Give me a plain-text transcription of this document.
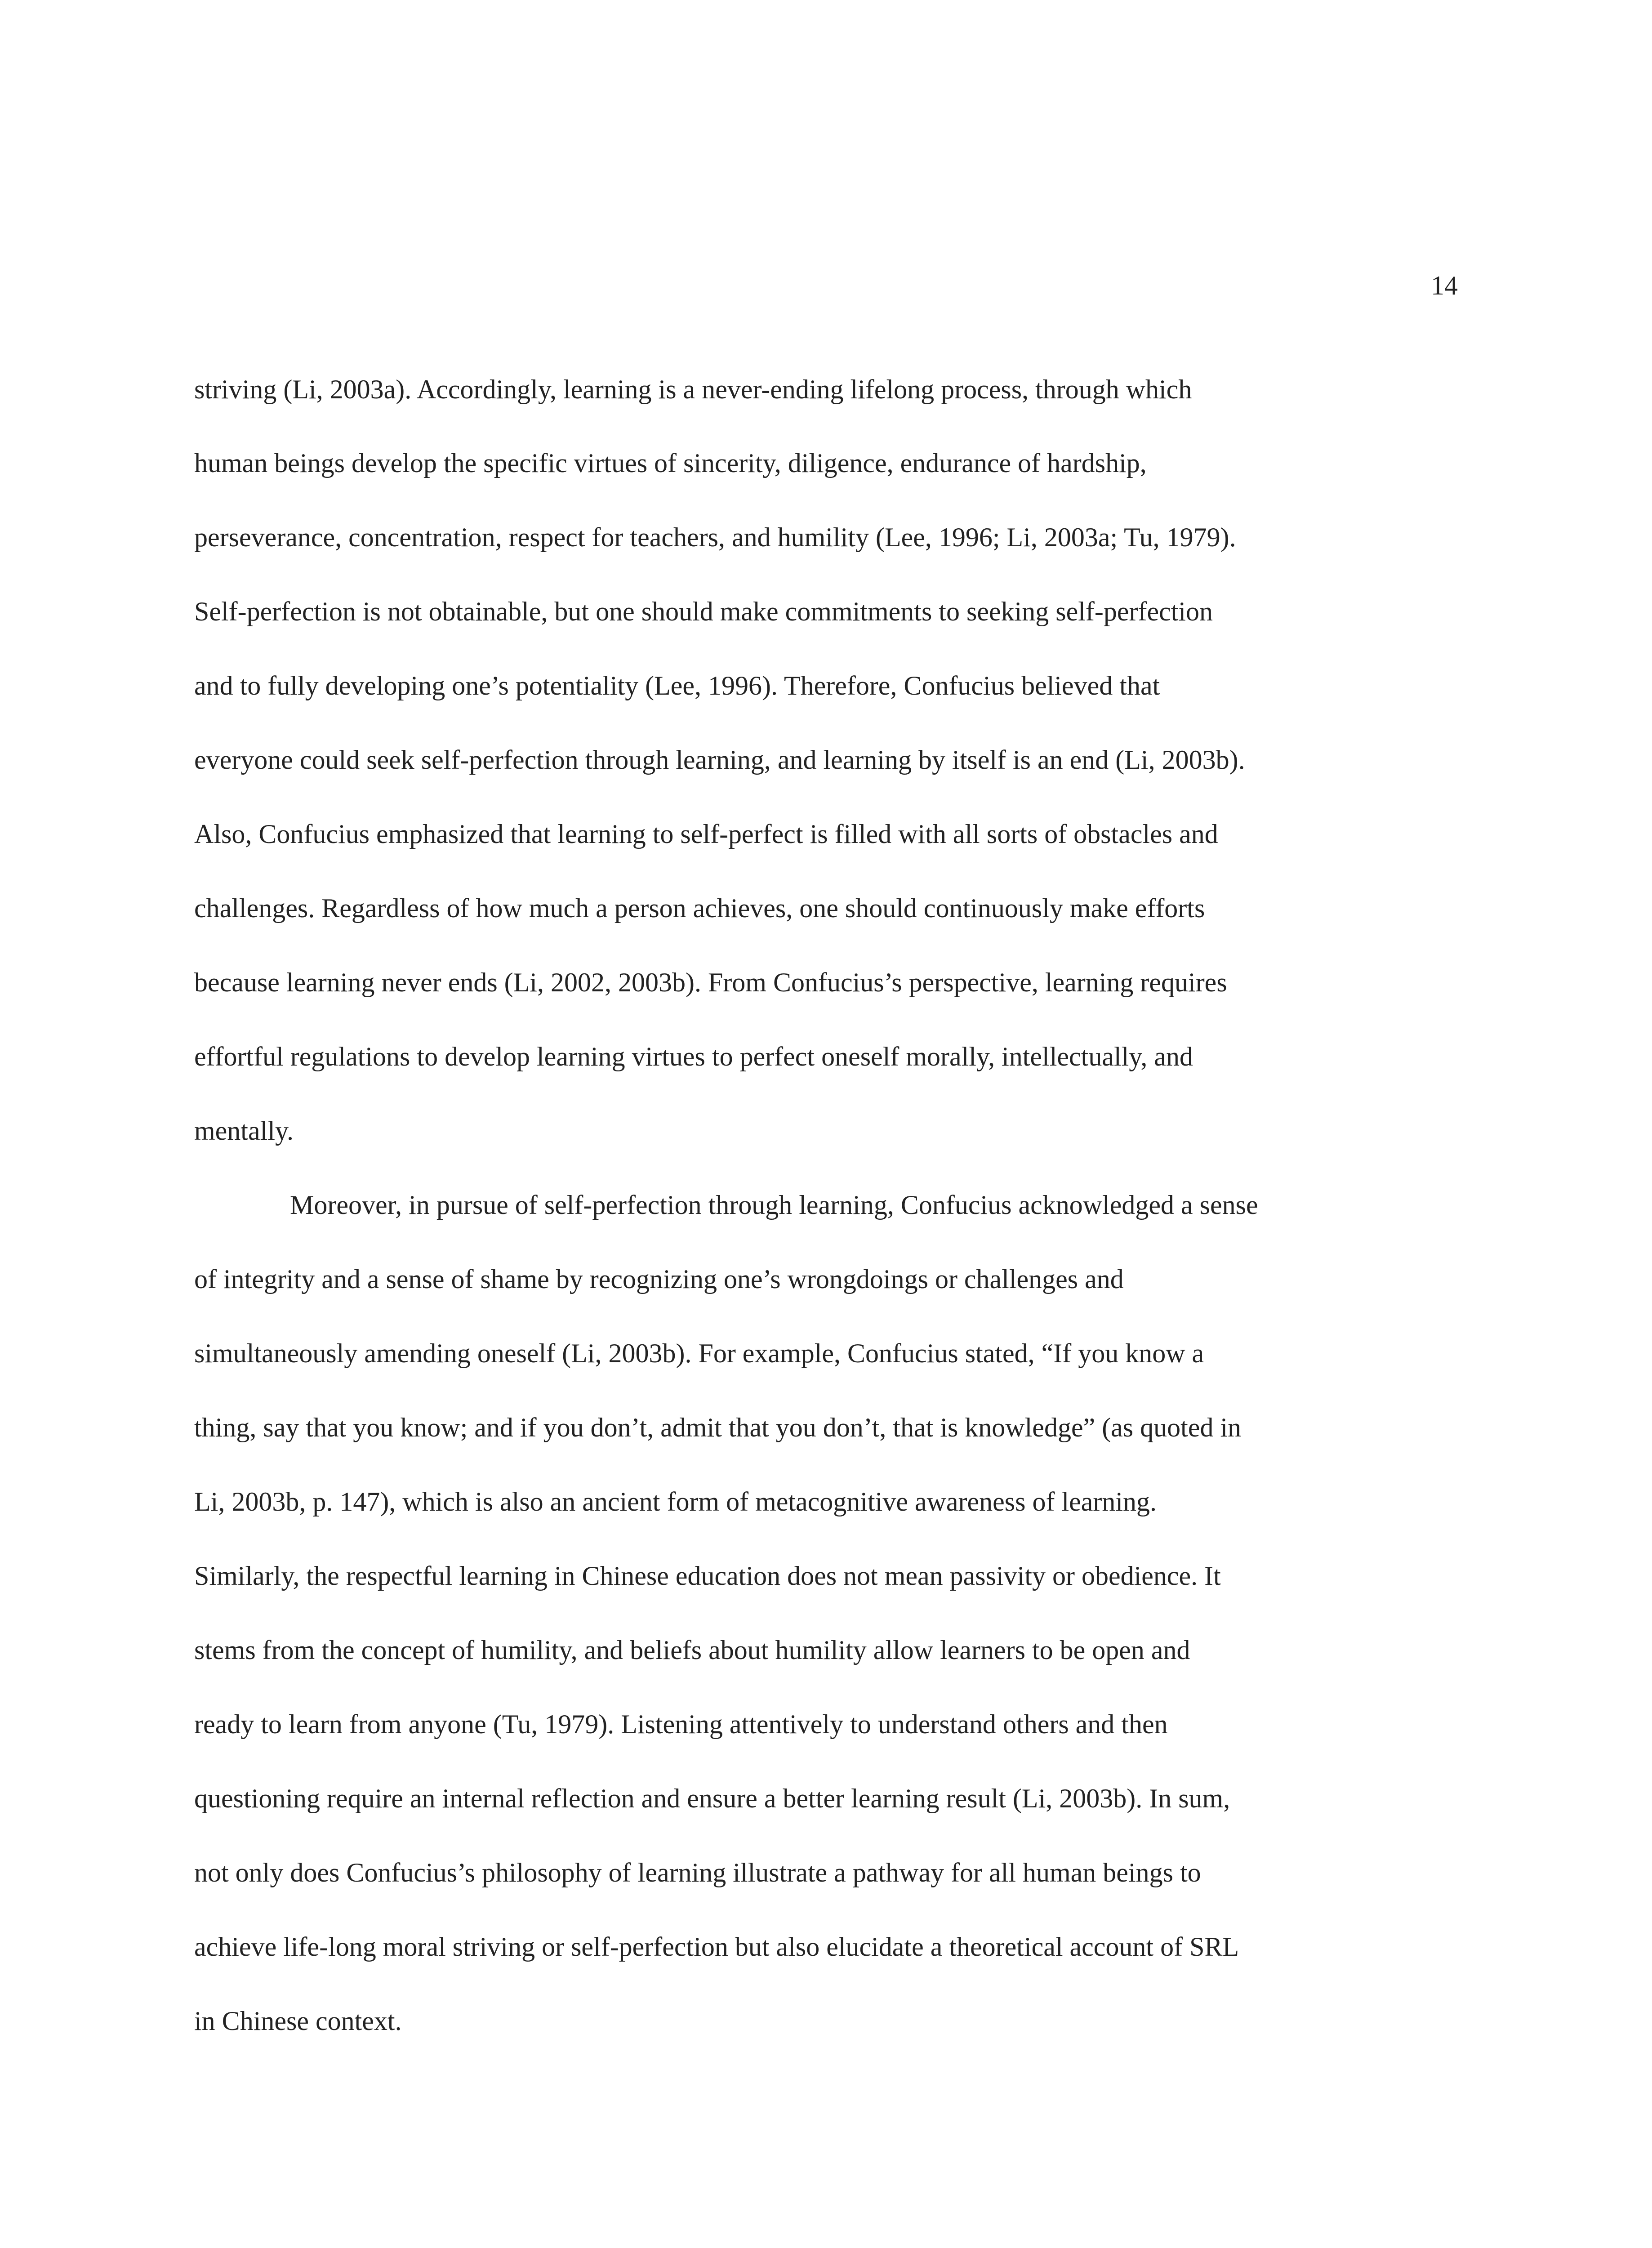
14
striving (Li, 2003a). Accordingly, learning is a never-ending lifelong process, through which
human beings develop the specific virtues of sincerity, diligence, endurance of hardship,
perseverance, concentration, respect for teachers, and humility (Lee, 1996; Li, 2003a; Tu, 1979).
Self-perfection is not obtainable, but one should make commitments to seeking self-perfection
and to fully developing one’s potentiality (Lee, 1996). Therefore, Confucius believed that
everyone could seek self-perfection through learning, and learning by itself is an end (Li, 2003b).
Also, Confucius emphasized that learning to self-perfect is filled with all sorts of obstacles and
challenges. Regardless of how much a person achieves, one should continuously make efforts
because learning never ends (Li, 2002, 2003b). From Confucius’s perspective, learning requires
effortful regulations to develop learning virtues to perfect oneself morally, intellectually, and
mentally.
Moreover, in pursue of self-perfection through learning, Confucius acknowledged a sense
of integrity and a sense of shame by recognizing one’s wrongdoings or challenges and
simultaneously amending oneself (Li, 2003b). For example, Confucius stated, “If you know a
thing, say that you know; and if you don’t, admit that you don’t, that is knowledge” (as quoted in
Li, 2003b, p. 147), which is also an ancient form of metacognitive awareness of learning.
Similarly, the respectful learning in Chinese education does not mean passivity or obedience. It
stems from the concept of humility, and beliefs about humility allow learners to be open and
ready to learn from anyone (Tu, 1979). Listening attentively to understand others and then
questioning require an internal reflection and ensure a better learning result (Li, 2003b). In sum,
not only does Confucius’s philosophy of learning illustrate a pathway for all human beings to
achieve life-long moral striving or self-perfection but also elucidate a theoretical account of SRL
in Chinese context.
